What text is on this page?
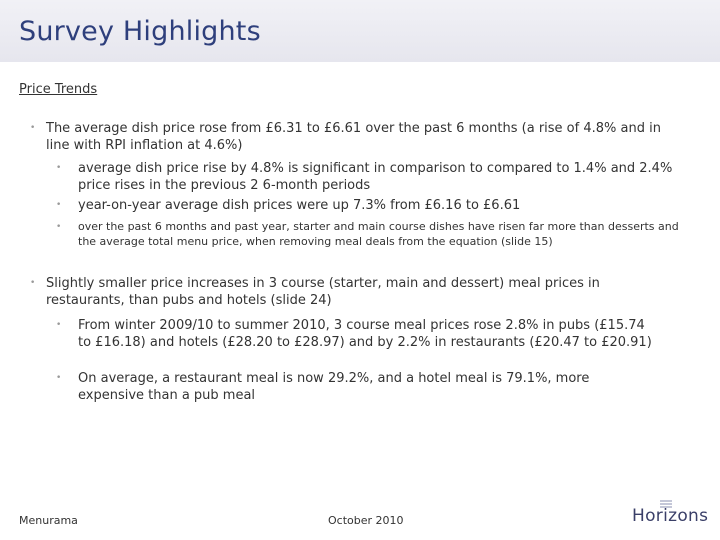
Survey Highlights
Price Trends
• The average dish price rose from £6.31 to £6.61 over the past 6 months (a rise of 4.8% and in line with RPI inflation at 4.6%)
• average dish price rise by 4.8% is significant in comparison to compared to 1.4% and 2.4% price rises in the previous 2 6-month periods
• year-on-year average dish prices were up 7.3% from £6.16 to £6.61
• over the past 6 months and past year, starter and main course dishes have risen far more than desserts and the average total menu price, when removing meal deals from the equation (slide 15)
• Slightly smaller price increases in 3 course (starter, main and dessert) meal prices in restaurants, than pubs and hotels (slide 24)
• From winter 2009/10 to summer 2010, 3 course meal prices rose 2.8% in pubs (£15.74 to £16.18) and hotels (£28.20 to £28.97) and by 2.2% in restaurants (£20.47 to £20.91)
• On average, a restaurant meal is now 29.2%, and a hotel meal is 79.1%, more expensive than a pub meal
Menurama	October 2010	Horizons
